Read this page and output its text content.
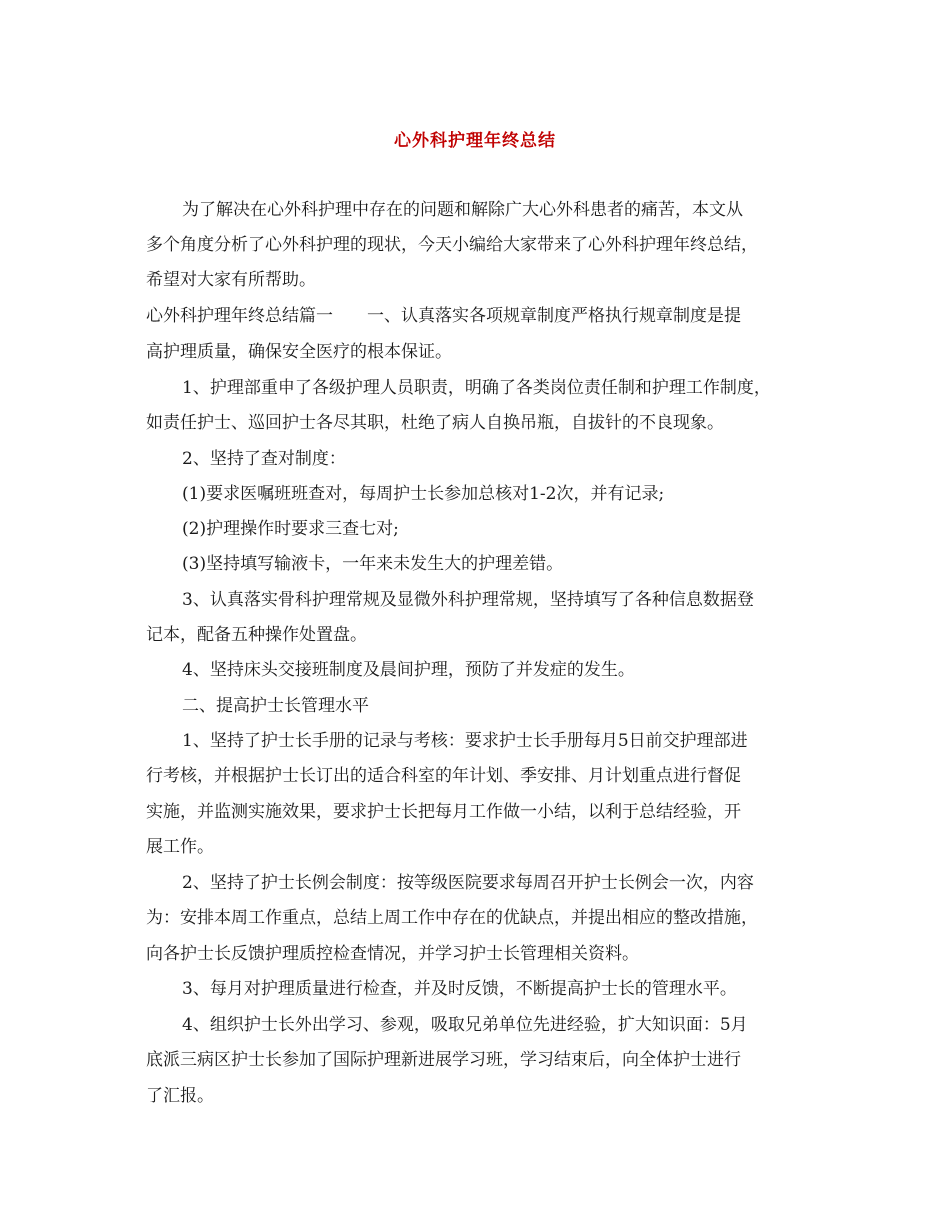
心外科护理年终总结
为了解决在心外科护理中存在的问题和解除广大心外科患者的痛苦，本文从
多个角度分析了心外科护理的现状，今天小编给大家带来了心外科护理年终总结，
希望对大家有所帮助。
心外科护理年终总结篇一　　一、认真落实各项规章制度严格执行规章制度是提
高护理质量，确保安全医疗的根本保证。
1、护理部重申了各级护理人员职责，明确了各类岗位责任制和护理工作制度，
如责任护士、巡回护士各尽其职，杜绝了病人自换吊瓶，自拔针的不良现象。
2、坚持了查对制度：
(1)要求医嘱班班查对，每周护士长参加总核对1-2次，并有记录;
(2)护理操作时要求三查七对;
(3)坚持填写输液卡，一年来未发生大的护理差错。
3、认真落实骨科护理常规及显微外科护理常规，坚持填写了各种信息数据登
记本，配备五种操作处置盘。
4、坚持床头交接班制度及晨间护理，预防了并发症的发生。
二、提高护士长管理水平
1、坚持了护士长手册的记录与考核：要求护士长手册每月5日前交护理部进
行考核，并根据护士长订出的适合科室的年计划、季安排、月计划重点进行督促
实施，并监测实施效果，要求护士长把每月工作做一小结，以利于总结经验，开
展工作。
2、坚持了护士长例会制度：按等级医院要求每周召开护士长例会一次，内容
为：安排本周工作重点，总结上周工作中存在的优缺点，并提出相应的整改措施，
向各护士长反馈护理质控检查情况，并学习护士长管理相关资料。
3、每月对护理质量进行检查，并及时反馈，不断提高护士长的管理水平。
4、组织护士长外出学习、参观，吸取兄弟单位先进经验，扩大知识面：5月
底派三病区护士长参加了国际护理新进展学习班，学习结束后，向全体护士进行
了汇报。
